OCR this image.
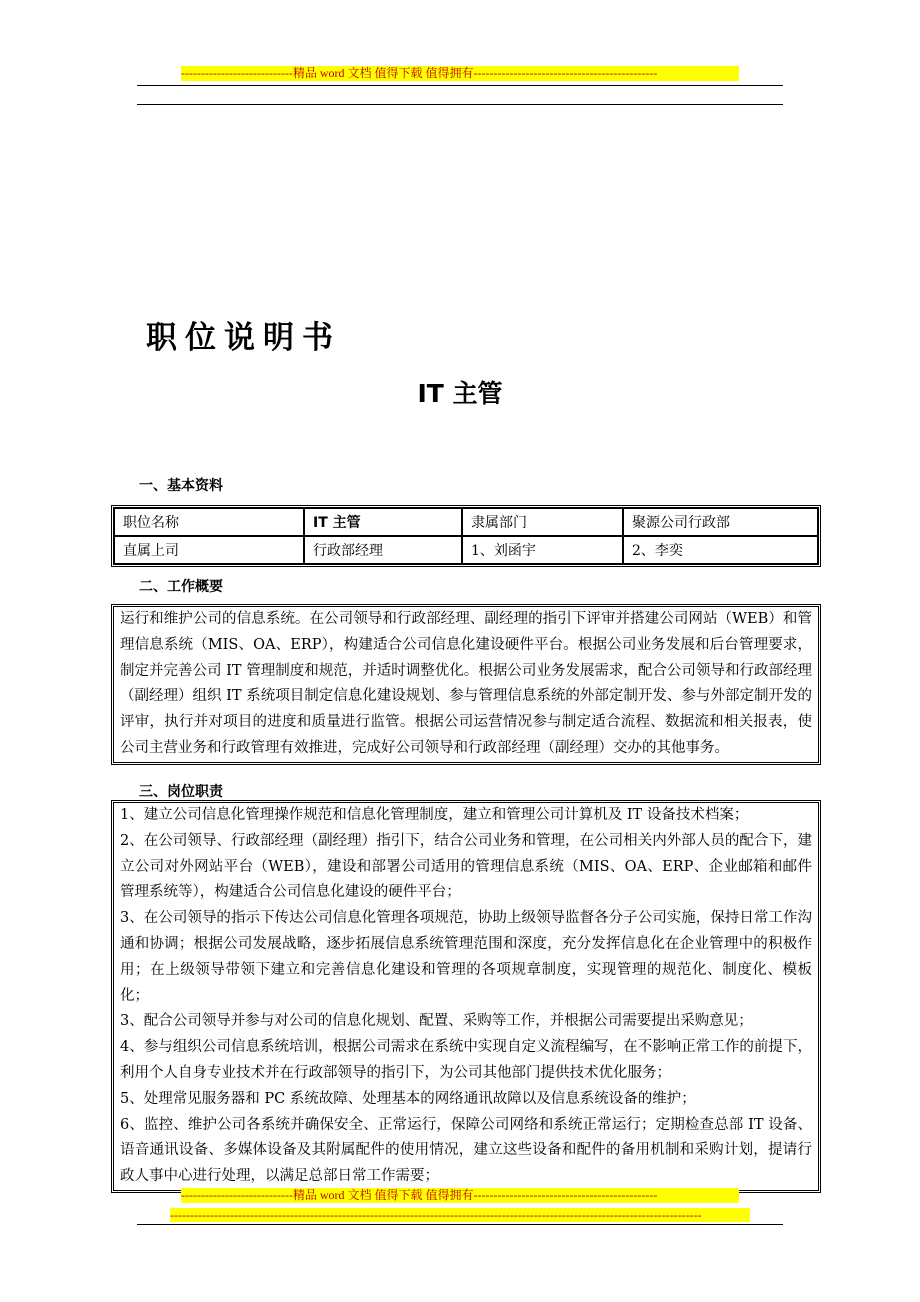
----------------------------精品 word 文档 值得下载 值得拥有----------------------------------------------
职位说明书
IT 主管
一、基本资料
职位名称	IT 主管	隶属部门	聚源公司行政部
直属上司	行政部经理	1、刘函宇	2、李奕
二、工作概要

运行和维护公司的信息系统。在公司领导和行政部经理、副经理的指引下评审并搭建公司网站（WEB）和管理信息系统（MIS、OA、ERP），构建适合公司信息化建设硬件平台。根据公司业务发展和后台管理要求，制定并完善公司 IT 管理制度和规范，并适时调整优化。根据公司业务发展需求，配合公司领导和行政部经理（副经理）组织 IT 系统项目制定信息化建设规划、参与管理信息系统的外部定制开发、参与外部定制开发的评审，执行并对项目的进度和质量进行监管。根据公司运营情况参与制定适合流程、数据流和相关报表，使公司主营业务和行政管理有效推进，完成好公司领导和行政部经理（副经理）交办的其他事务。

三、岗位职责

1、建立公司信息化管理操作规范和信息化管理制度，建立和管理公司计算机及 IT 设备技术档案；

2、在公司领导、行政部经理（副经理）指引下，结合公司业务和管理，在公司相关内外部人员的配合下，建立公司对外网站平台（WEB），建设和部署公司适用的管理信息系统（MIS、OA、ERP、企业邮箱和邮件管理系统等），构建适合公司信息化建设的硬件平台；

3、在公司领导的指示下传达公司信息化管理各项规范，协助上级领导监督各分子公司实施，保持日常工作沟通和协调；根据公司发展战略，逐步拓展信息系统管理范围和深度，充分发挥信息化在企业管理中的积极作用；在上级领导带领下建立和完善信息化建设和管理的各项规章制度，实现管理的规范化、制度化、模板化；

3、配合公司领导并参与对公司的信息化规划、配置、采购等工作，并根据公司需要提出采购意见；

4、参与组织公司信息系统培训，根据公司需求在系统中实现自定义流程编写，在不影响正常工作的前提下，利用个人自身专业技术并在行政部领导的指引下，为公司其他部门提供技术优化服务；

5、处理常见服务器和 PC 系统故障、处理基本的网络通讯故障以及信息系统设备的维护；

6、监控、维护公司各系统并确保安全、正常运行，保障公司网络和系统正常运行；定期检查总部 IT 设备、语音通讯设备、多媒体设备及其附属配件的使用情况，建立这些设备和配件的备用机制和采购计划，提请行政人事中心进行处理，以满足总部日常工作需要；

----------------------------精品 word 文档 值得下载 值得拥有----------------------------------------------
-------------------------------------------------------------------------------------------------------------------------------------
